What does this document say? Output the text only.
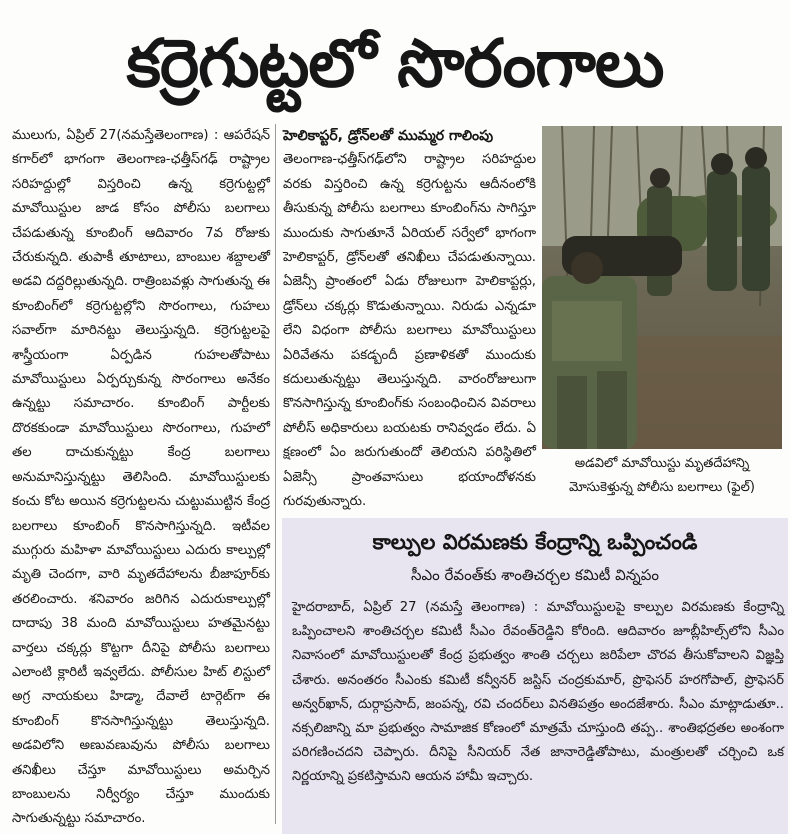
కర్రెగుట్టలో సొరంగాలు

ములుగు, ఏప్రిల్ 27(నమస్తేతెలంగాణ) : ఆపరేషన్ కగార్‌లో భాగంగా తెలంగాణ-ఛత్తీస్‌గఢ్ రాష్ట్రాల సరిహద్దుల్లో విస్తరించి ఉన్న కర్రెగుట్టల్లో మావోయిస్టుల జాడ కోసం పోలీసు బలగాలు చేపడుతున్న కూంబింగ్ ఆదివారం 7వ రోజుకు చేరుకున్నది. తుపాకీ తూటాలు, బాంబుల శబ్దాలతో అడవి దద్దరిల్లుతున్నది. రాత్రింబవళ్లు సాగుతున్న ఈ కూంబింగ్‌లో కర్రెగుట్టల్లోని సొరంగాలు, గుహలు సవాల్‌గా మారినట్టు తెలుస్తున్నది. కర్రెగుట్టలపై శాస్త్రీయంగా ఏర్పడిన గుహలతోపాటు మావోయిస్టులు ఏర్పర్చుకున్న సొరంగాలు అనేకం ఉన్నట్టు సమాచారం. కూంబింగ్ పార్టీలకు దొరకకుండా మావోయిస్టులు సొరంగాలు, గుహలో తల దాచుకున్నట్టు కేంద్ర బలగాలు అనుమానిస్తున్నట్టు తెలిసింది. మావోయిస్టులకు కంచు కోట అయిన కర్రెగుట్టలను చుట్టుముట్టిన కేంద్ర బలగాలు కూంబింగ్ కొనసాగిస్తున్నది. ఇటీవల ముగ్గురు మహిళా మావోయిస్టులు ఎదురు కాల్పుల్లో మృతి చెందగా, వారి మృతదేహాలను బీజాపూర్‌కు తరలించారు. శనివారం జరిగిన ఎదురుకాల్పుల్లో దాదాపు 38 మంది మావోయిస్టులు హతమైనట్టు వార్తలు చక్కర్లు కొట్టగా దీనిపై పోలీసు బలగాలు ఎలాంటి క్లారిటీ ఇవ్వలేదు. పోలీసుల హిట్ లిస్టులో అగ్ర నాయకులు హిడ్మా, దేవాలే టార్గెట్‌గా ఈ కూంబింగ్ కొనసాగిస్తున్నట్టు తెలుస్తున్నది. అడవిలోని అణువణువును పోలీసు బలగాలు తనిఖీలు చేస్తూ మావోయిస్టులు అమర్చిన బాంబులను నిర్వీర్యం చేస్తూ ముందుకు సాగుతున్నట్టు సమాచారం.

హెలికాప్టర్, డ్రోన్‌లతో ముమ్మర గాలింపు

తెలంగాణ-ఛత్తీస్‌గఢ్‌లోని రాష్ట్రాల సరిహద్దుల వరకు విస్తరించి ఉన్న కర్రెగుట్టను ఆదీనంలోకి తీసుకున్న పోలీసు బలగాలు కూంబింగ్‌ను సాగిస్తూ ముందుకు సాగుతూనే ఏరియల్ సర్వేలో భాగంగా హెలికాప్టర్, డ్రోన్‌లతో తనిఖీలు చేపడుతున్నాయి. ఏజెన్సీ ప్రాంతంలో ఏడు రోజులుగా హెలికాప్టర్లు, డ్రోన్‌లు చక్కర్లు కొడుతున్నాయి. నిరుడు ఎన్నడూ లేని విధంగా పోలీసు బలగాలు మావోయిస్టులు ఏరివేతను పకడ్బందీ ప్రణాళికతో ముందుకు కదులుతున్నట్టు తెలుస్తున్నది. వారంరోజులుగా కొనసాగిస్తున్న కూంబింగ్‌కు సంబంధించిన వివరాలు పోలీస్ అధికారులు బయటకు రానివ్వడం లేదు. ఏ క్షణంలో ఏం జరుగుతుందో తెలియని పరిస్థితిలో ఏజెన్సీ ప్రాంతవాసులు భయాందోళనకు గురవుతున్నారు.

అడవిలో మావోయిస్టు మృతదేహాన్ని
మోసుకెళ్తున్న పోలీసు బలగాలు (ఫైల్)
కాల్పుల విరమణకు కేంద్రాన్ని ఒప్పించండి
సీఎం రేవంత్‌కు శాంతిచర్చల కమిటీ విన్నపం
హైదరాబాద్, ఏప్రిల్ 27 (నమస్తే తెలంగాణ) : మావోయిస్టులపై కాల్పుల విరమణకు కేంద్రాన్ని ఒప్పించాలని శాంతిచర్చల కమిటీ సీఎం రేవంత్‌రెడ్డిని కోరింది. ఆదివారం జూబ్లీహిల్స్‌లోని సీఎం నివాసంలో మావోయిస్టులతో కేంద్ర ప్రభుత్వం శాంతి చర్చలు జరిపేలా చొరవ తీసుకోవాలని విజ్ఞప్తి చేశారు. అనంతరం సీఎంకు కమిటీ కన్వీనర్ జస్టిస్ చంద్రకుమార్, ప్రొఫెసర్ హరగోపాల్, ప్రొఫెసర్ అన్వర్‌ఖాన్, దుర్గాప్రసాద్, జంపన్న, రవి చందర్‌లు వినతిపత్రం అందజేశారు. సీఎం మాట్లాడుతూ.. నక్సలిజాన్ని మా ప్రభుత్వం సామాజిక కోణంలో మాత్రమే చూస్తుంది తప్ప.. శాంతిభద్రతల అంశంగా పరిగణించదని చెప్పారు. దీనిపై సీనియర్ నేత జానారెడ్డితోపాటు, మంత్రులతో చర్చించి ఒక నిర్ణయాన్ని ప్రకటిస్తామని ఆయన హామీ ఇచ్చారు.
